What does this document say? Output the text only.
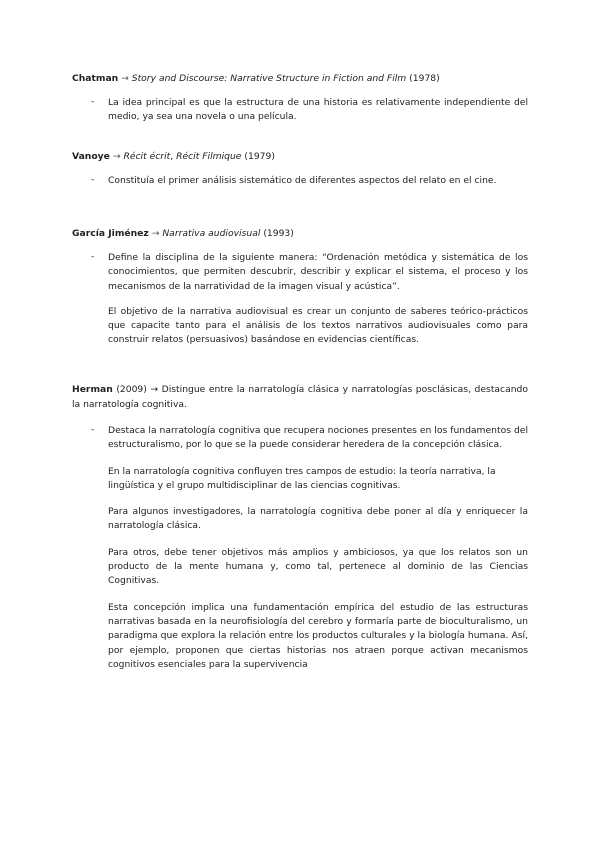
Chatman → Story and Discourse: Narrative Structure in Fiction and Film (1978)
- La idea principal es que la estructura de una historia es relativamente independiente del medio, ya sea una novela o una película.

Vanoye → Récit écrit, Récit Filmique (1979)
- Constituía el primer análisis sistemático de diferentes aspectos del relato en el cine.

García Jiménez → Narrativa audiovisual (1993)
- Define la disciplina de la siguiente manera: “Ordenación metódica y sistemática de los conocimientos, que permiten descubrir, describir y explicar el sistema, el proceso y los mecanismos de la narratividad de la imagen visual y acústica”.

El objetivo de la narrativa audiovisual es crear un conjunto de saberes teórico-prácticos que capacite tanto para el análisis de los textos narrativos audiovisuales como para construir relatos (persuasivos) basándose en evidencias científicas.

Herman (2009) → Distingue entre la narratología clásica y narratologías posclásicas, destacando la narratología cognitiva.

- Destaca la narratología cognitiva que recupera nociones presentes en los fundamentos del estructuralismo, por lo que se la puede considerar heredera de la concepción clásica.

En la narratología cognitiva confluyen tres campos de estudio: la teoría narrativa, la lingüística y el grupo multidisciplinar de las ciencias cognitivas.

Para algunos investigadores, la narratología cognitiva debe poner al día y enriquecer la narratología clásica.

Para otros, debe tener objetivos más amplios y ambiciosos, ya que los relatos son un producto de la mente humana y, como tal, pertenece al dominio de las Ciencias Cognitivas.

Esta concepción implica una fundamentación empírica del estudio de las estructuras narrativas basada en la neurofisiología del cerebro y formaría parte de bioculturalismo, un paradigma que explora la relación entre los productos culturales y la biología humana. Así, por ejemplo, proponen que ciertas historias nos atraen porque activan mecanismos cognitivos esenciales para la supervivencia
